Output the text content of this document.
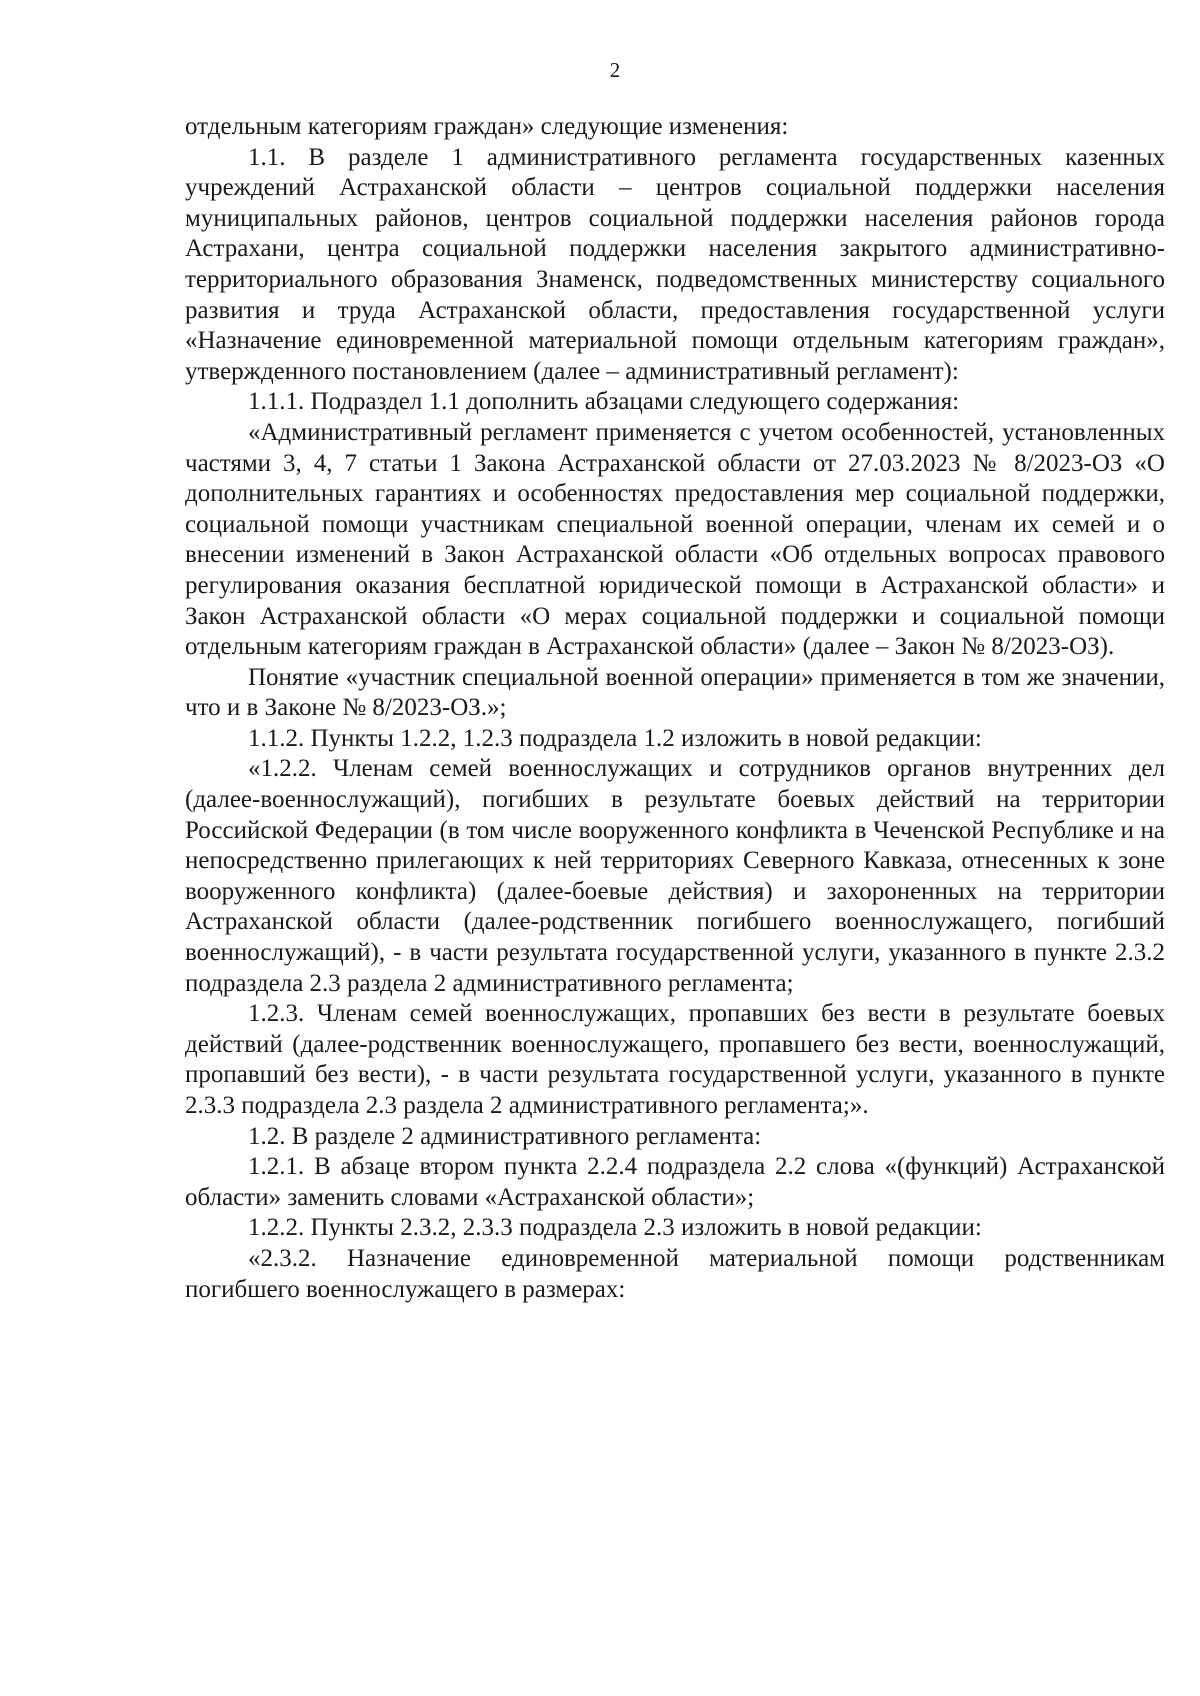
2

отдельным категориям граждан» следующие изменения:

1.1. В разделе 1 административного регламента государственных казенных учреждений Астраханской области – центров социальной поддержки населения муниципальных районов, центров социальной поддержки населения районов города Астрахани, центра социальной поддержки населения закрытого административно-территориального образования Знаменск, подведомственных министерству социального развития и труда Астраханской области, предоставления государственной услуги «Назначение единовременной материальной помощи отдельным категориям граждан», утвержденного постановлением (далее – административный регламент):

1.1.1. Подраздел 1.1 дополнить абзацами следующего содержания:

«Административный регламент применяется с учетом особенностей, установленных частями 3, 4, 7 статьи 1 Закона Астраханской области от 27.03.2023 № 8/2023-ОЗ «О дополнительных гарантиях и особенностях предоставления мер социальной поддержки, социальной помощи участникам специальной военной операции, членам их семей и о внесении изменений в Закон Астраханской области «Об отдельных вопросах правового регулирования оказания бесплатной юридической помощи в Астраханской области» и Закон Астраханской области «О мерах социальной поддержки и социальной помощи отдельным категориям граждан в Астраханской области» (далее – Закон № 8/2023-ОЗ).

Понятие «участник специальной военной операции» применяется в том же значении, что и в Законе № 8/2023-ОЗ.»;

1.1.2. Пункты 1.2.2, 1.2.3 подраздела 1.2 изложить в новой редакции:

«1.2.2. Членам семей военнослужащих и сотрудников органов внутренних дел (далее-военнослужащий), погибших в результате боевых действий на территории Российской Федерации (в том числе вооруженного конфликта в Чеченской Республике и на непосредственно прилегающих к ней территориях Северного Кавказа, отнесенных к зоне вооруженного конфликта) (далее-боевые действия) и захороненных на территории Астраханской области (далее-родственник погибшего военнослужащего, погибший военнослужащий), - в части результата государственной услуги, указанного в пункте 2.3.2 подраздела 2.3 раздела 2 административного регламента;

1.2.3. Членам семей военнослужащих, пропавших без вести в результате боевых действий (далее-родственник военнослужащего, пропавшего без вести, военнослужащий, пропавший без вести), - в части результата государственной услуги, указанного в пункте 2.3.3 подраздела 2.3 раздела 2 административного регламента;».

1.2. В разделе 2 административного регламента:

1.2.1. В абзаце втором пункта 2.2.4 подраздела 2.2 слова «(функций) Астраханской области» заменить словами «Астраханской области»;

1.2.2. Пункты 2.3.2, 2.3.3 подраздела 2.3 изложить в новой редакции:

«2.3.2. Назначение единовременной материальной помощи родственникам погибшего военнослужащего в размерах:
